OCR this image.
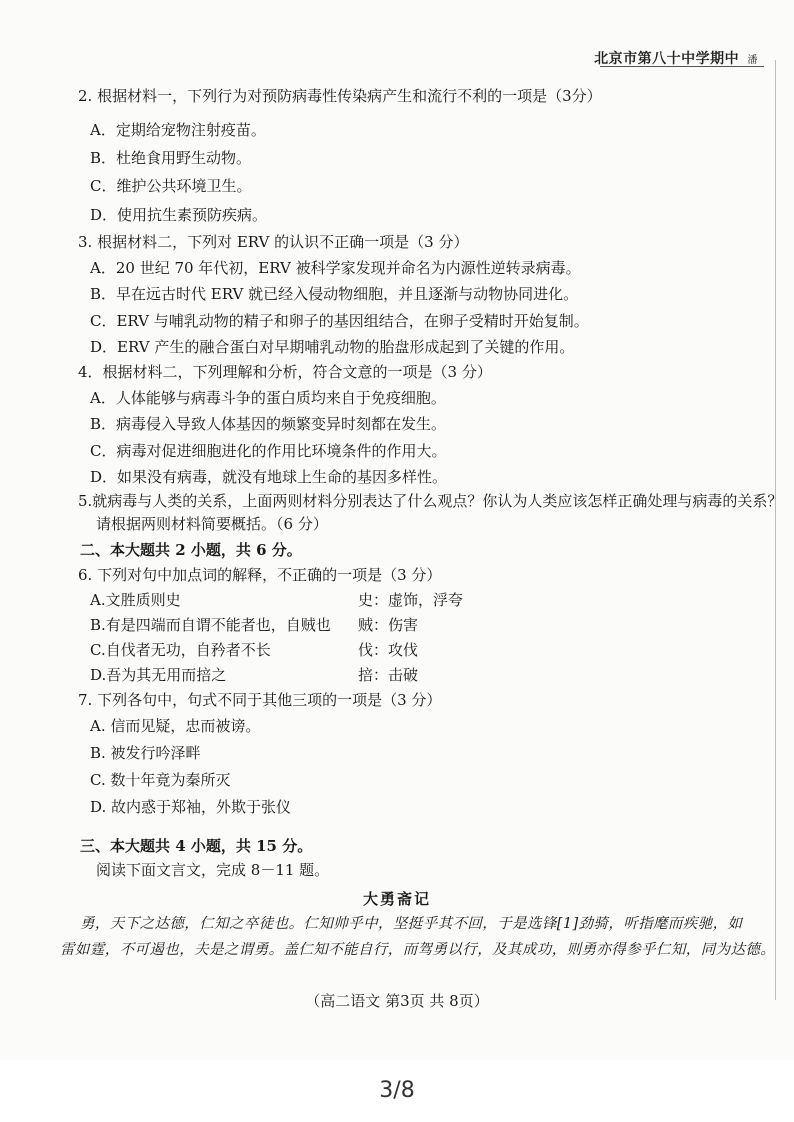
北京市第八十中学期中 潘
2. 根据材料一，下列行为对预防病毒性传染病产生和流行不利的一项是（3分）
A．定期给宠物注射疫苗。
B．杜绝食用野生动物。
C．维护公共环境卫生。
D．使用抗生素预防疾病。
3. 根据材料二，下列对 ERV 的认识不正确一项是（3 分）
A．20 世纪 70 年代初，ERV 被科学家发现并命名为内源性逆转录病毒。
B．早在远古时代 ERV 就已经入侵动物细胞，并且逐渐与动物协同进化。
C．ERV 与哺乳动物的精子和卵子的基因组结合，在卵子受精时开始复制。
D．ERV 产生的融合蛋白对早期哺乳动物的胎盘形成起到了关键的作用。
4．根据材料二，下列理解和分析，符合文意的一项是（3 分）
A．人体能够与病毒斗争的蛋白质均来自于免疫细胞。
B．病毒侵入导致人体基因的频繁变异时刻都在发生。
C．病毒对促进细胞进化的作用比环境条件的作用大。
D．如果没有病毒，就没有地球上生命的基因多样性。
5.就病毒与人类的关系，上面两则材料分别表达了什么观点？你认为人类应该怎样正确处理与病毒的关系？
请根据两则材料简要概括。（6 分）
二、本大题共 2 小题，共 6 分。
6. 下列对句中加点词的解释，不正确的一项是（3 分）
A.文胜质则史	史：虚饰，浮夸
B.有是四端而自谓不能者也，自贼也 贼：伤害
C.自伐者无功，自矜者不长	伐：攻伐
D.吾为其无用而掊之	掊：击破
7. 下列各句中，句式不同于其他三项的一项是（3 分）
A. 信而见疑，忠而被谤。
B. 被发行吟泽畔
C. 数十年竟为秦所灭
D. 故内惑于郑袖，外欺于张仪
三、本大题共 4 小题，共 15 分。
阅读下面文言文，完成 8－11 题。
大勇斋记
勇，天下之达德，仁知之卒徒也。仁知帅乎中，坚挺乎其不回，于是选锋[1]劲骑，听指麾而疾驰，如
雷如霆，不可遏也，夫是之谓勇。盖仁知不能自行，而驾勇以行，及其成功，则勇亦得参乎仁知，同为达德。
（高二语文 第3页 共 8页）
3/8
